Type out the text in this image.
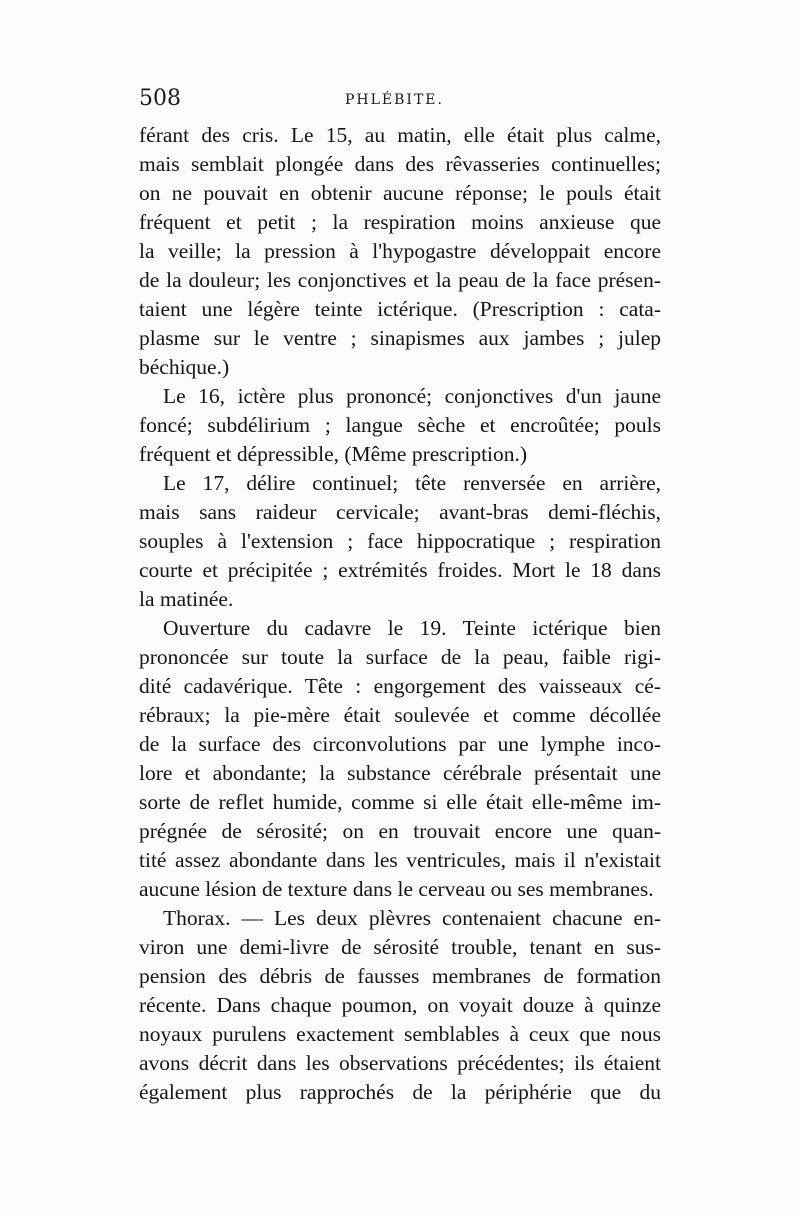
508	PHLÉBITE.
férant des cris. Le 15, au matin, elle était plus calme,
mais semblait plongée dans des rêvasseries continuelles;
on ne pouvait en obtenir aucune réponse; le pouls était
fréquent et petit ; la respiration moins anxieuse que
la veille; la pression à l'hypogastre développait encore
de la douleur; les conjonctives et la peau de la face présen-
taient une légère teinte ictérique. (Prescription : cata-
plasme sur le ventre ; sinapismes aux jambes ; julep
béchique.)
Le 16, ictère plus prononcé; conjonctives d'un jaune
foncé; subdélirium ; langue sèche et encroûtée; pouls
fréquent et dépressible, (Même prescription.)
Le 17, délire continuel; tête renversée en arrière,
mais sans raideur cervicale; avant-bras demi-fléchis,
souples à l'extension ; face hippocratique ; respiration
courte et précipitée ; extrémités froides. Mort le 18 dans
la matinée.
Ouverture du cadavre le 19. Teinte ictérique bien
prononcée sur toute la surface de la peau, faible rigi-
dité cadavérique. Tête : engorgement des vaisseaux cé-
rébraux; la pie-mère était soulevée et comme décollée
de la surface des circonvolutions par une lymphe inco-
lore et abondante; la substance cérébrale présentait une
sorte de reflet humide, comme si elle était elle-même im-
prégnée de sérosité; on en trouvait encore une quan-
tité assez abondante dans les ventricules, mais il n'existait
aucune lésion de texture dans le cerveau ou ses membranes.
Thorax. — Les deux plèvres contenaient chacune en-
viron une demi-livre de sérosité trouble, tenant en sus-
pension des débris de fausses membranes de formation
récente. Dans chaque poumon, on voyait douze à quinze
noyaux purulens exactement semblables à ceux que nous
avons décrit dans les observations précédentes; ils étaient
également plus rapprochés de la périphérie que du
